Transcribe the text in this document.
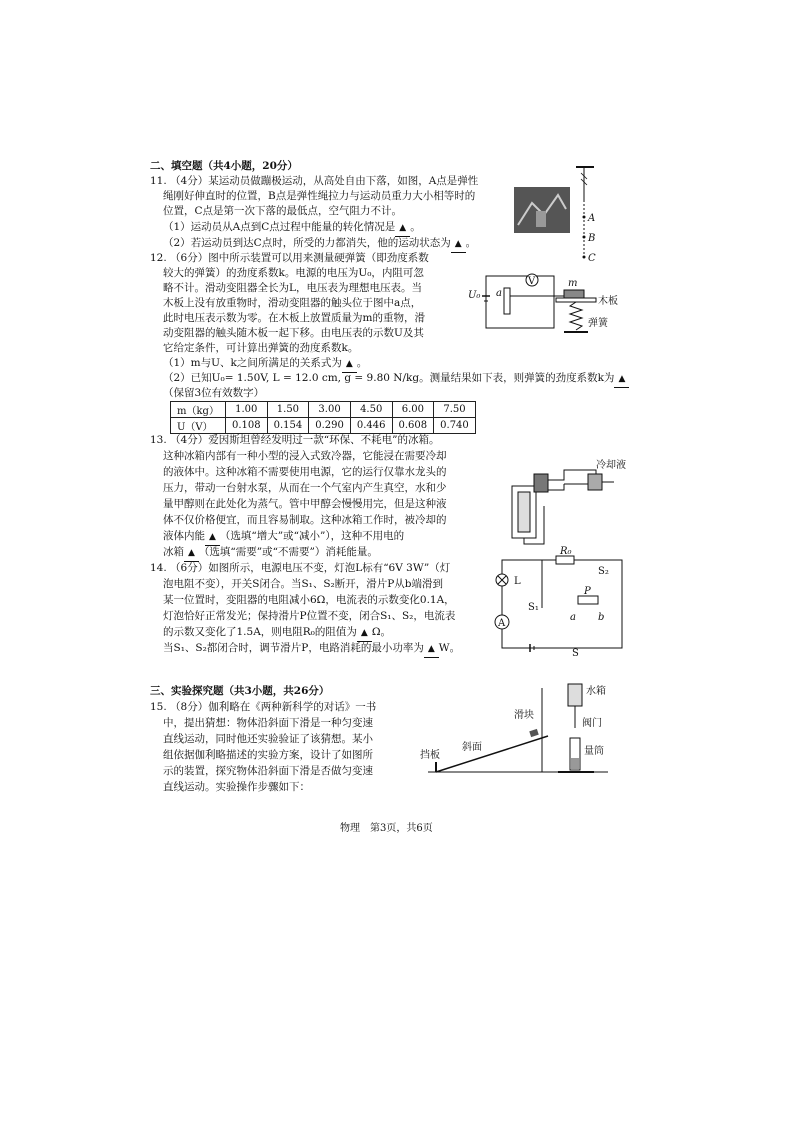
二、填空题（共4小题，20分）
11. （4分）某运动员做蹦极运动，从高处自由下落，如图，A点是弹性
绳刚好伸直时的位置，B点是弹性绳拉力与运动员重力大小相等时的
位置，C点是第一次下落的最低点，空气阻力不计。
（1）运动员从A点到C点过程中能量的转化情况是 ▲ 。
（2）若运动员到达C点时，所受的力都消失，他的运动状态为 ▲ 。
A
B
C
12. （6分）图中所示装置可以用来测量硬弹簧（即劲度系数
较大的弹簧）的劲度系数k。电源的电压为U₀，内阻可忽
略不计。滑动变阻器全长为L，电压表为理想电压表。当
木板上没有放重物时，滑动变阻器的触头位于图中a点，
此时电压表示数为零。在木板上放置质量为m的重物，滑
动变阻器的触头随木板一起下移。由电压表的示数U及其
它给定条件，可计算出弹簧的劲度系数k。
（1）m与U、k之间所满足的关系式为 ▲ 。
（2）已知U₀= 1.50V, L = 12.0 cm, g = 9.80 N/kg。测量结果如下表，则弹簧的劲度系数k为 ▲
（保留3位有效数字）
m（kg）	1.00	1.50	3.00	4.50	6.00	7.50
U（V）	0.108	0.154	0.290	0.446	0.608	0.740
U₀ a
V	m
木板
弹簧
13. （4分）爱因斯坦曾经发明过一款“环保、不耗电”的冰箱。
这种冰箱内部有一种小型的浸入式致冷器，它能浸在需要冷却
的液体中。这种冰箱不需要使用电源，它的运行仅靠水龙头的
压力，带动一台射水泵，从而在一个气室内产生真空，水和少
量甲醇则在此处化为蒸气。管中甲醇会慢慢用完，但是这种液
体不仅价格便宜，而且容易制取。这种冰箱工作时，被冷却的
液体内能 ▲ （选填“增大”或“减小”），这种不用电的
冰箱 ▲ （选填“需要”或“不需要”）消耗能量。
冷却液
14. （6分）如图所示，电源电压不变，灯泡L标有“6V 3W”（灯
泡电阻不变），开关S闭合。当S₁、S₂断开，滑片P从b端滑到
某一位置时，变阻器的电阻减小6Ω，电流表的示数变化0.1A，
灯泡恰好正常发光；保持滑片P位置不变，闭合S₁、S₂，电流表
的示数又变化了1.5A，则电阻R₀的阻值为 ▲ Ω。
当S₁、S₂都闭合时，调节滑片P，电路消耗的最小功率为 ▲ W。
R₀
S₂
L
S₁
P
a b
A
S
三、实验探究题（共3小题，共26分）
15. （8分）伽利略在《两种新科学的对话》一书
中，提出猜想：物体沿斜面下滑是一种匀变速
直线运动，同时他还实验验证了该猜想。某小
组依据伽利略描述的实验方案，设计了如图所
示的装置，探究物体沿斜面下滑是否做匀变速
直线运动。实验操作步骤如下：
滑块
斜面
挡板
水箱
阀门
量筒
物理　第3页，共6页
